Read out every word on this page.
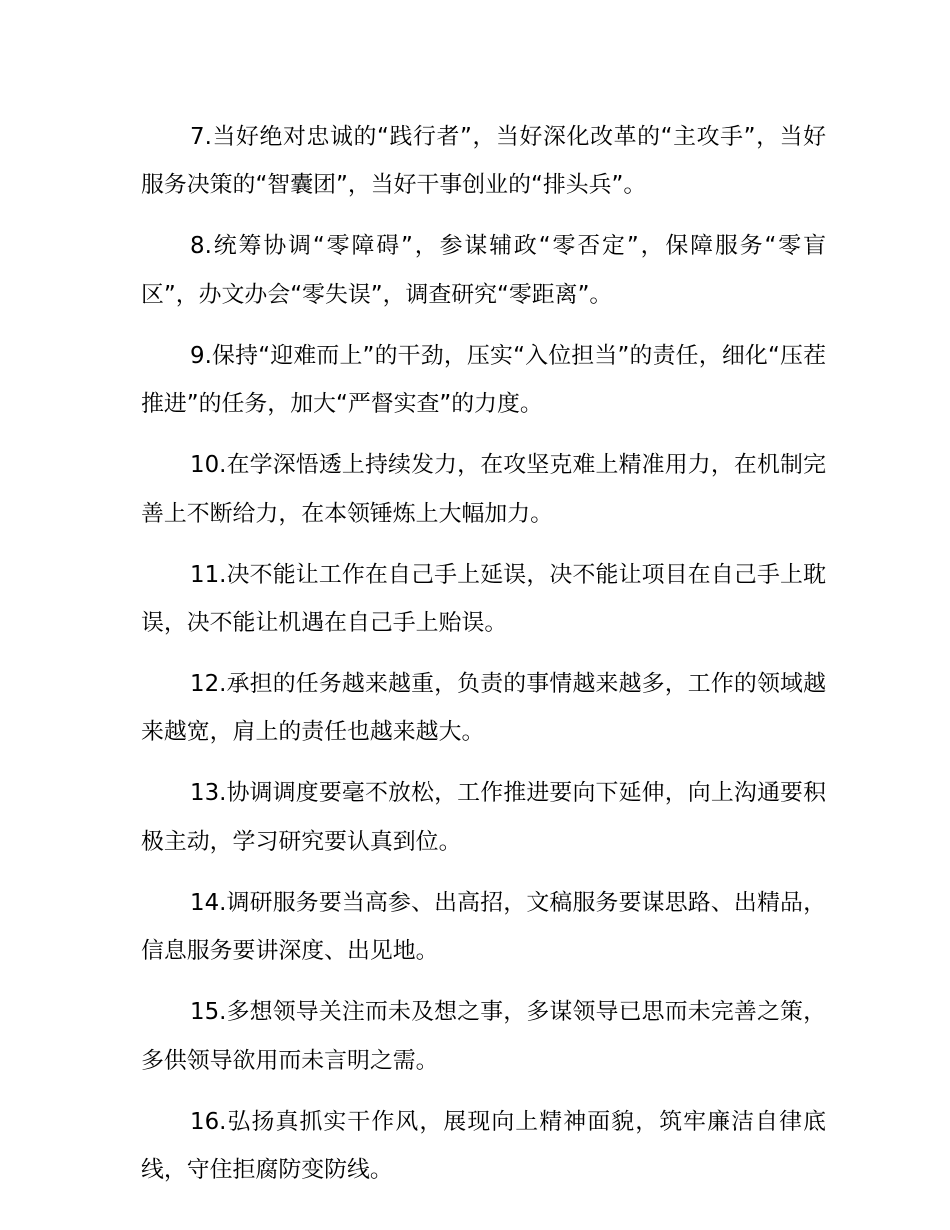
7.当好绝对忠诚的“践行者”，当好深化改革的“主攻手”，当好服务决策的“智囊团”，当好干事创业的“排头兵”。

8.统筹协调“零障碍”，参谋辅政“零否定”，保障服务“零盲区”，办文办会“零失误”，调查研究“零距离”。

9.保持“迎难而上”的干劲，压实“入位担当”的责任，细化“压茬推进”的任务，加大“严督实查”的力度。

10.在学深悟透上持续发力，在攻坚克难上精准用力，在机制完善上不断给力，在本领锤炼上大幅加力。

11.决不能让工作在自己手上延误，决不能让项目在自己手上耽误，决不能让机遇在自己手上贻误。

12.承担的任务越来越重，负责的事情越来越多，工作的领域越来越宽，肩上的责任也越来越大。

13.协调调度要毫不放松，工作推进要向下延伸，向上沟通要积极主动，学习研究要认真到位。

14.调研服务要当高参、出高招，文稿服务要谋思路、出精品，信息服务要讲深度、出见地。

15.多想领导关注而未及想之事，多谋领导已思而未完善之策，多供领导欲用而未言明之需。

16.弘扬真抓实干作风，展现向上精神面貌，筑牢廉洁自律底线，守住拒腐防变防线。
